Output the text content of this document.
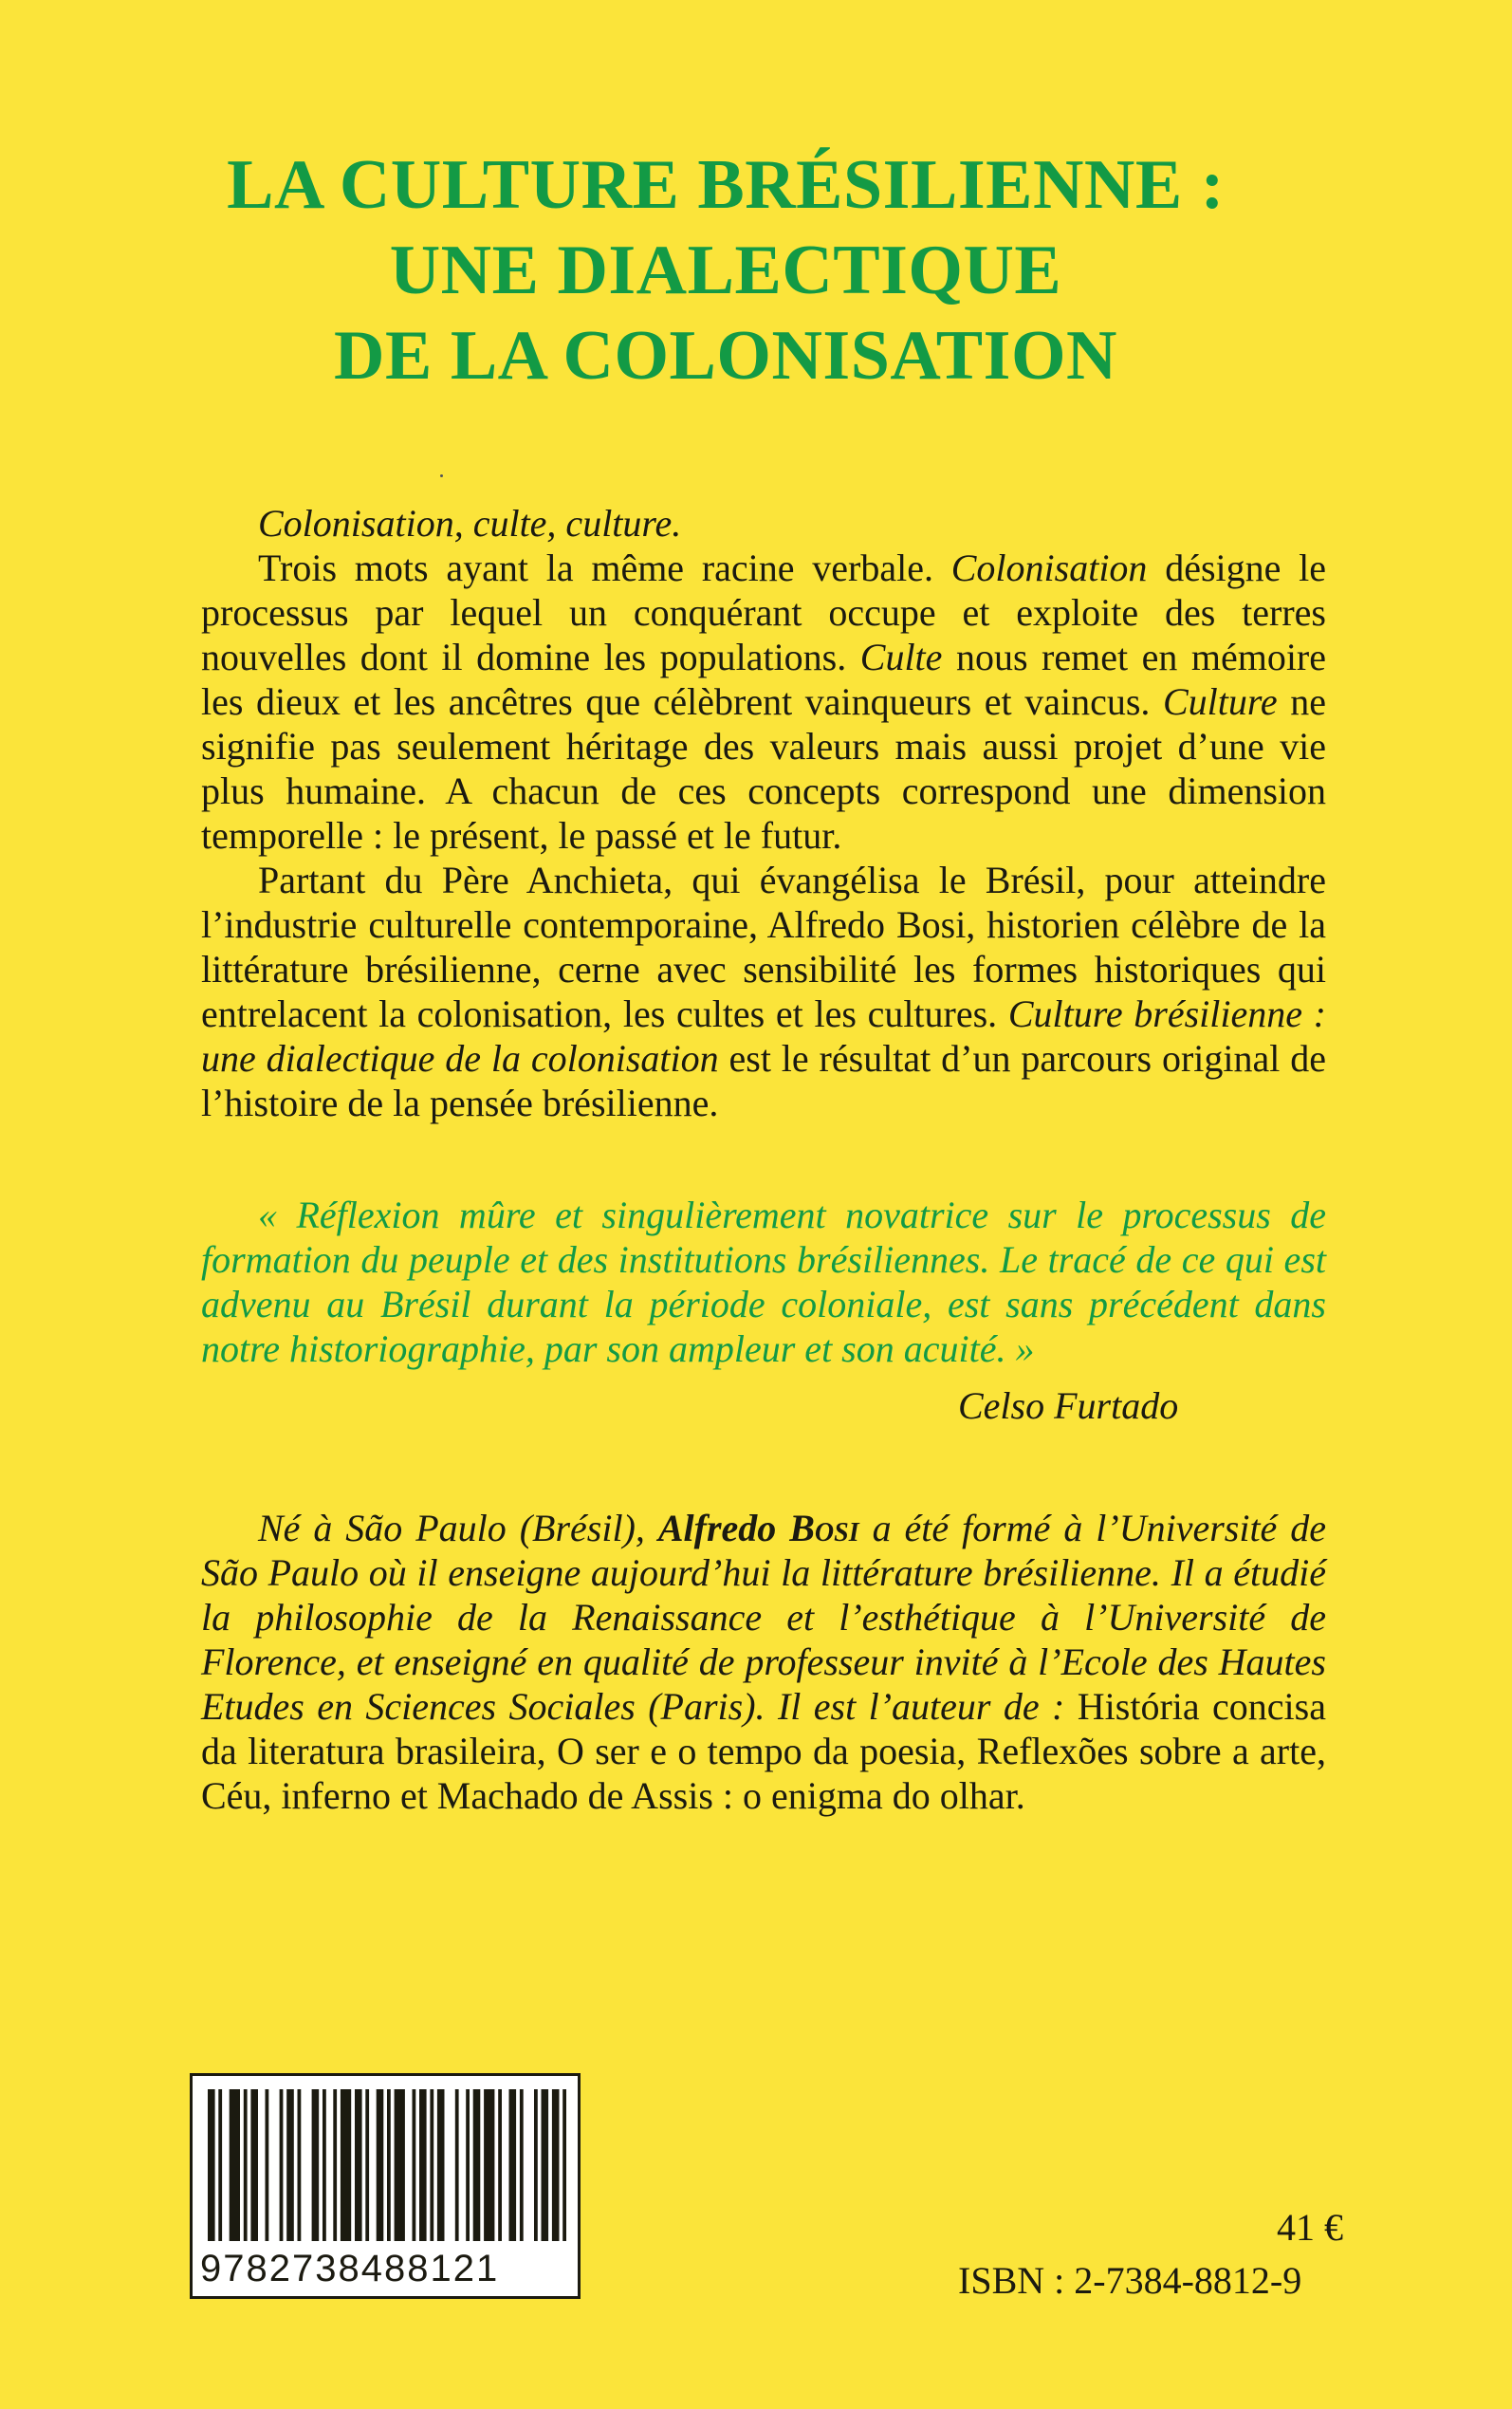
LA CULTURE BRÉSILIENNE :
UNE DIALECTIQUE
DE LA COLONISATION

Colonisation, culte, culture.

Trois mots ayant la même racine verbale. Colonisation désigne le processus par lequel un conquérant occupe et exploite des terres nouvelles dont il domine les populations. Culte nous remet en mémoire les dieux et les ancêtres que célèbrent vainqueurs et vaincus. Culture ne signifie pas seulement héritage des valeurs mais aussi projet d’une vie plus humaine. A chacun de ces concepts correspond une dimension temporelle : le présent, le passé et le futur.

Partant du Père Anchieta, qui évangélisa le Brésil, pour atteindre l’industrie culturelle contemporaine, Alfredo Bosi, historien célèbre de la littérature brésilienne, cerne avec sensibilité les formes historiques qui entrelacent la colonisation, les cultes et les cultures. Culture brésilienne : une dialectique de la colonisation est le résultat d’un parcours original de l’histoire de la pensée brésilienne.

« Réflexion mûre et singulièrement novatrice sur le processus de formation du peuple et des institutions brésiliennes. Le tracé de ce qui est advenu au Brésil durant la période coloniale, est sans précédent dans notre historiographie, par son ampleur et son acuité. »
Celso Furtado

Né à São Paulo (Brésil), Alfredo Bosi a été formé à l’Université de São Paulo où il enseigne aujourd’hui la littérature brésilienne. Il a étudié la philosophie de la Renaissance et l’esthétique à l’Université de Florence, et enseigné en qualité de professeur invité à l’Ecole des Hautes Etudes en Sciences Sociales (Paris). Il est l’auteur de : História concisa da literatura brasileira, O ser e o tempo da poesia, Reflexões sobre a arte, Céu, inferno et Machado de Assis : o enigma do olhar.

9782738488121
41 €
ISBN : 2-7384-8812-9
